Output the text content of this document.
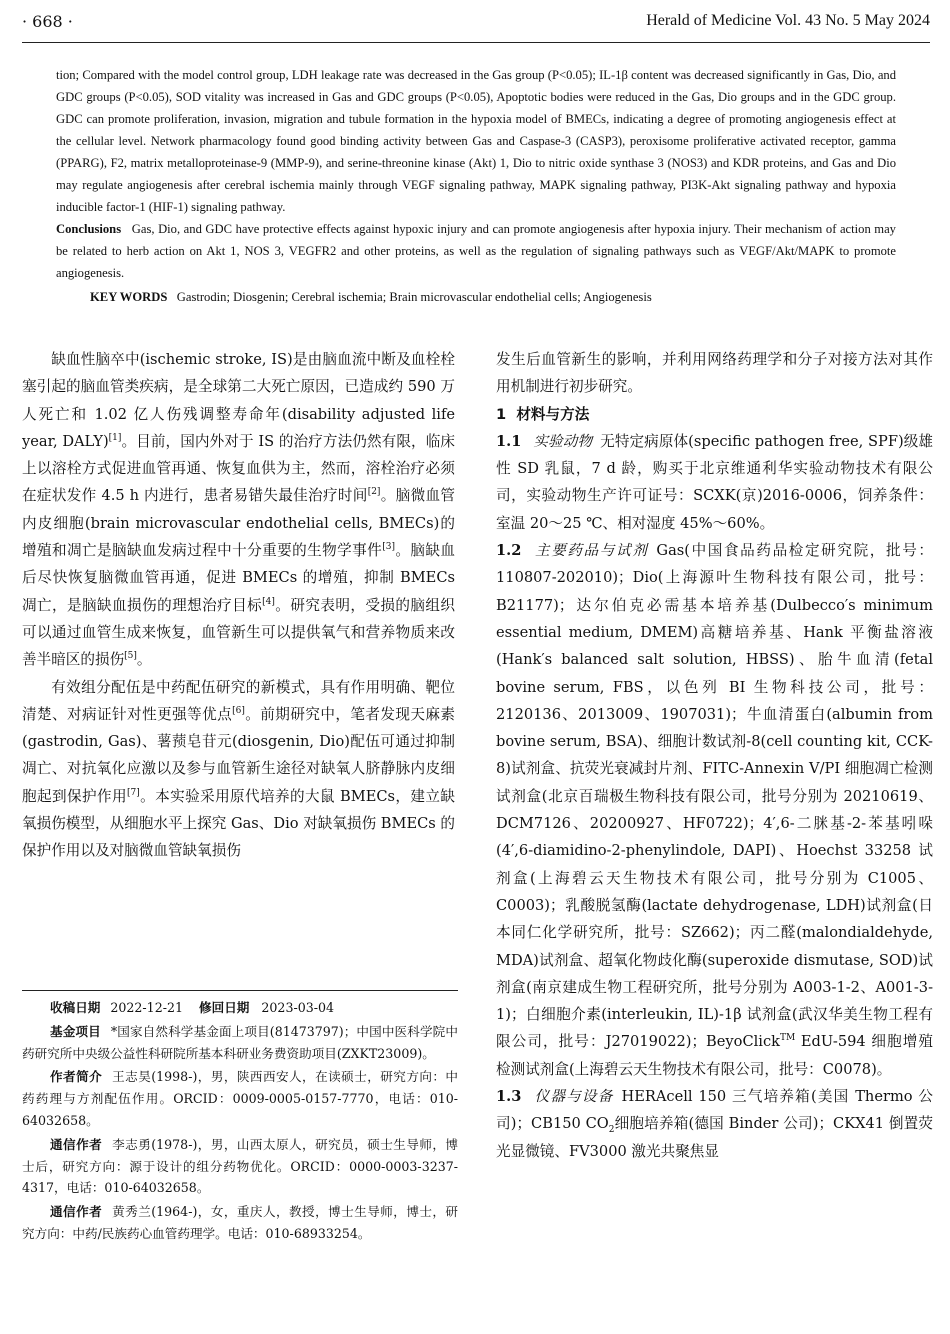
· 668 ·	Herald of Medicine Vol. 43 No. 5 May 2024

tion; Compared with the model control group, LDH leakage rate was decreased in the Gas group (P<0.05); IL-1β content was decreased significantly in Gas, Dio, and GDC groups (P<0.05), SOD vitality was increased in Gas and GDC groups (P<0.05), Apoptotic bodies were reduced in the Gas, Dio groups and in the GDC group. GDC can promote proliferation, invasion, migration and tubule formation in the hypoxia model of BMECs, indicating a degree of promoting angiogenesis effect at the cellular level. Network pharmacology found good binding activity between Gas and Caspase-3 (CASP3), peroxisome proliferative activated receptor, gamma (PPARG), F2, matrix metalloproteinase-9 (MMP-9), and serine-threonine kinase (Akt) 1, Dio to nitric oxide synthase 3 (NOS3) and KDR proteins, and Gas and Dio may regulate angiogenesis after cerebral ischemia mainly through VEGF signaling pathway, MAPK signaling pathway, PI3K-Akt signaling pathway and hypoxia inducible factor-1 (HIF-1) signaling pathway.

Conclusions Gas, Dio, and GDC have protective effects against hypoxic injury and can promote angiogenesis after hypoxia injury. Their mechanism of action may be related to herb action on Akt 1, NOS 3, VEGFR2 and other proteins, as well as the regulation of signaling pathways such as VEGF/Akt/MAPK to promote angiogenesis.

KEY WORDS Gastrodin; Diosgenin; Cerebral ischemia; Brain microvascular endothelial cells; Angiogenesis

缺血性脑卒中(ischemic stroke, IS)是由脑血流中断及血栓栓塞引起的脑血管类疾病，是全球第二大死亡原因，已造成约 590 万人死亡和 1.02 亿人伤残调整寿命年(disability adjusted life year, DALY)[1]。目前，国内外对于 IS 的治疗方法仍然有限，临床上以溶栓方式促进血管再通、恢复血供为主，然而，溶栓治疗必须在症状发作 4.5 h 内进行，患者易错失最佳治疗时间[2]。脑微血管内皮细胞(brain microvascular endothelial cells, BMECs)的增殖和凋亡是脑缺血发病过程中十分重要的生物学事件[3]。脑缺血后尽快恢复脑微血管再通，促进 BMECs 的增殖，抑制 BMECs 凋亡，是脑缺血损伤的理想治疗目标[4]。研究表明，受损的脑组织可以通过血管生成来恢复，血管新生可以提供氧气和营养物质来改善半暗区的损伤[5]。

有效组分配伍是中药配伍研究的新模式，具有作用明确、靶位清楚、对病证针对性更强等优点[6]。前期研究中，笔者发现天麻素(gastrodin, Gas)、薯蓣皂苷元(diosgenin, Dio)配伍可通过抑制凋亡、对抗氧化应激以及参与血管新生途径对缺氧人脐静脉内皮细胞起到保护作用[7]。本实验采用原代培养的大鼠 BMECs，建立缺氧损伤模型，从细胞水平上探究 Gas、Dio 对缺氧损伤 BMECs 的保护作用以及对脑微血管缺氧损伤

收稿日期 2022-12-21 修回日期 2023-03-04

基金项目 *国家自然科学基金面上项目(81473797)；中国中医科学院中药研究所中央级公益性科研院所基本科研业务费资助项目(ZXKT23009)。

作者简介 王志昊(1998-)，男，陕西西安人，在读硕士，研究方向：中药药理与方剂配伍作用。ORCID：0009-0005-0157-7770，电话：010-64032658。

通信作者 李志勇(1978-)，男，山西太原人，研究员，硕士生导师，博士后，研究方向：源于设计的组分药物优化。ORCID：0000-0003-3237-4317，电话：010-64032658。

通信作者 黄秀兰(1964-)，女，重庆人，教授，博士生导师，博士，研究方向：中药/民族药心血管药理学。电话：010-68933254。

发生后血管新生的影响，并利用网络药理学和分子对接方法对其作用机制进行初步研究。

1 材料与方法

1.1 实验动物 无特定病原体(specific pathogen free, SPF)级雄性 SD 乳鼠，7 d 龄，购买于北京维通利华实验动物技术有限公司，实验动物生产许可证号：SCXK(京)2016-0006，饲养条件：室温 20～25 ℃、相对湿度 45%～60%。

1.2 主要药品与试剂 Gas(中国食品药品检定研究院，批号：110807-202010)；Dio(上海源叶生物科技有限公司，批号：B21177)；达尔伯克必需基本培养基(Dulbecco′s minimum essential medium, DMEM)高糖培养基、Hank 平衡盐溶液(Hank′s balanced salt solution, HBSS)、胎牛血清(fetal bovine serum, FBS，以色列 BI 生物科技公司，批号：2120136、2013009、1907031)；牛血清蛋白(albumin from bovine serum, BSA)、细胞计数试剂-8(cell counting kit, CCK-8)试剂盒、抗荧光衰减封片剂、FITC-Annexin V/PI 细胞凋亡检测试剂盒(北京百瑞极生物科技有限公司，批号分别为 20210619、DCM7126、20200927、HF0722)；4′,6-二脒基-2-苯基吲哚(4′,6-diamidino-2-phenylindole, DAPI)、Hoechst 33258 试剂盒(上海碧云天生物技术有限公司，批号分别为 C1005、C0003)；乳酸脱氢酶(lactate dehydrogenase, LDH)试剂盒(日本同仁化学研究所，批号：SZ662)；丙二醛(malondialdehyde, MDA)试剂盒、超氧化物歧化酶(superoxide dismutase, SOD)试剂盒(南京建成生物工程研究所，批号分别为 A003-1-2、A001-3-1)；白细胞介素(interleukin, IL)-1β 试剂盒(武汉华美生物工程有限公司，批号：J27019022)；BeyoClick™ EdU-594 细胞增殖检测试剂盒(上海碧云天生物技术有限公司，批号：C0078)。

1.3 仪器与设备 HERAcell 150 三气培养箱(美国 Thermo 公司)；CB150 $CO_2$细胞培养箱(德国 Binder 公司)；CKX41 倒置荧光显微镜、FV3000 激光共聚焦显
